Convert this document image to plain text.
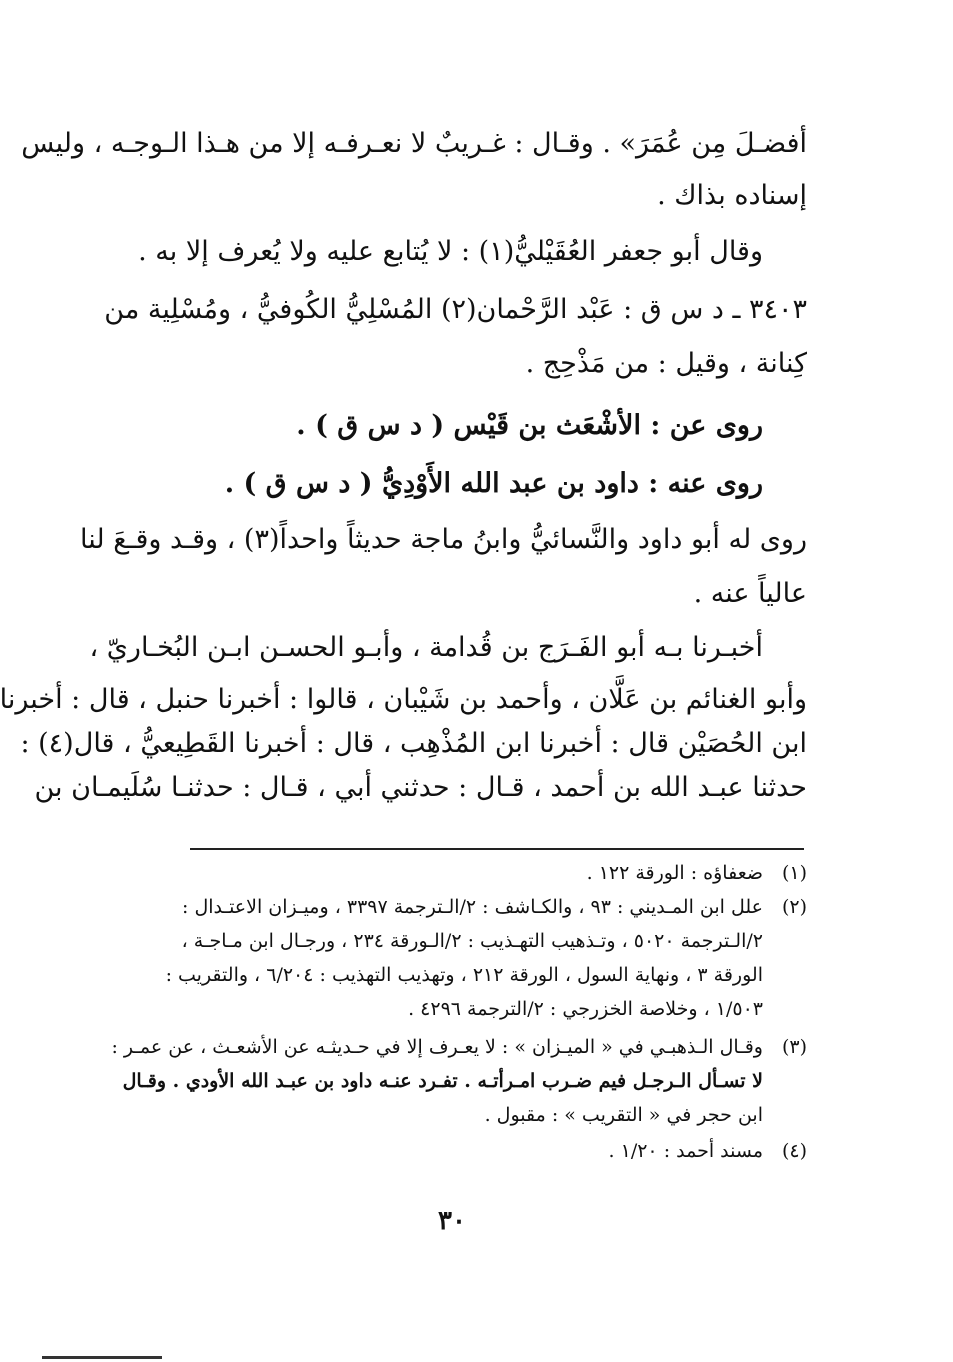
أفضـلَ مِن عُمَرَ» . وقـال : غـريبٌ لا نعـرفـه إلا من هـذا الـوجـه ، وليس
إسناده بذاك .
وقال أبو جعفر العُقَيْليُّ(١) : لا يُتابع عليه ولا يُعرف إلا به .
٣٤٠٣ ـ د س ق : عَبْد الرَّحْمان(٢) المُسْلِيُّ الكُوفيُّ ، ومُسْلِية من
كِنانة ، وقيل : من مَذْحِج .
روى عن : الأشْعَث بن قَيْس ( د س ق ) .
روى عنه : داود بن عبد الله الأَوْدِيُّ ( د س ق ) .
روى له أبو داود والنَّسائيُّ وابنُ ماجة حديثاً واحداً(٣) ، وقـد وقـعَ لنا
عالياً عنه .
أخبـرنا بـه أبو الفَـرَج بن قُدامة ، وأبـو الحسـن ابـن البُخـاريّ ،
وأبو الغنائم بن عَلَّان ، وأحمد بن شَيْبان ، قالوا : أخبرنا حنبل ، قال : أخبرنا
ابن الحُصَيْن قال : أخبرنا ابن المُذْهِب ، قال : أخبرنا القَطِيعيُّ ، قال(٤) :
حدثنا عبـد الله بن أحمد ، قـال : حدثني أبي ، قـال : حدثنـا سُلَيمـان بن
(١)ضعفاؤه : الورقة ١٢٢ .
(٢)علل ابن المـديني : ٩٣ ، والكـاشف : ٢/الـترجمة ٣٣٩٧ ، وميـزان الاعتـدال :
٢/الـترجمة ٥٠٢٠ ، وتـذهيب التهـذيب : ٢/الـورقة ٢٣٤ ، ورجـال ابن مـاجـة ،
الورقة ٣ ، ونهاية السول ، الورقة ٢١٢ ، وتهذيب التهذيب : ٦/٢٠٤ ، والتقريب :
١/٥٠٣ ، وخلاصة الخزرجي : ٢/الترجمة ٤٢٩٦ .
(٣)وقـال الـذهبـي في « الميـزان » : لا يعـرف إلا في حـديثـه عن الأشعـث ، عن عمـر :
لا تسـأل الـرجـل فيم ضـرب امـرأتـه . تفـرد عنـه داود بن عبـد الله الأودي . وقـال
ابن حجر في « التقريب » : مقبول .
(٤)مسند أحمد : ١/٢٠ .
٣٠
